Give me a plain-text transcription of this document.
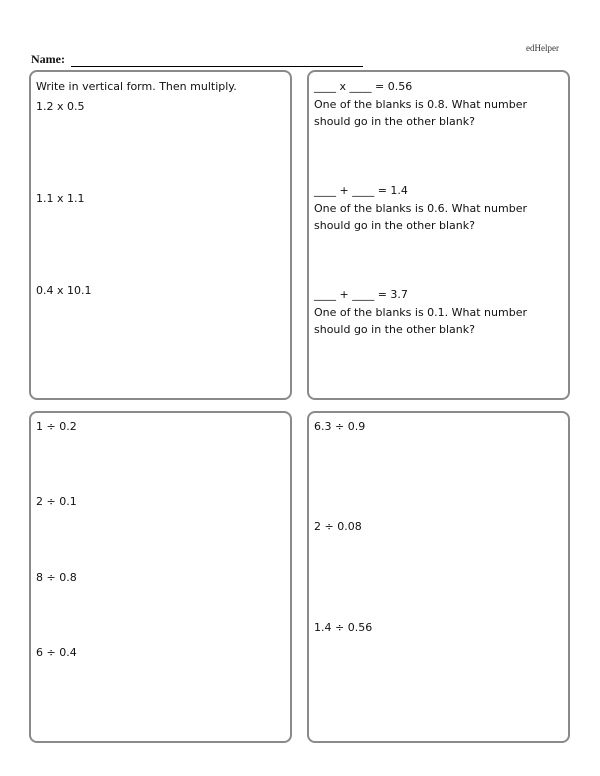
edHelper
Name:
Write in vertical form. Then multiply.
1.2 x 0.5
1.1 x 1.1
0.4 x 10.1
____ x ____ = 0.56
One of the blanks is 0.8. What number should go in the other blank?
____ + ____ = 1.4
One of the blanks is 0.6. What number should go in the other blank?
____ + ____ = 3.7
One of the blanks is 0.1. What number should go in the other blank?
1 ÷ 0.2
2 ÷ 0.1
8 ÷ 0.8
6 ÷ 0.4
6.3 ÷ 0.9
2 ÷ 0.08
1.4 ÷ 0.56
